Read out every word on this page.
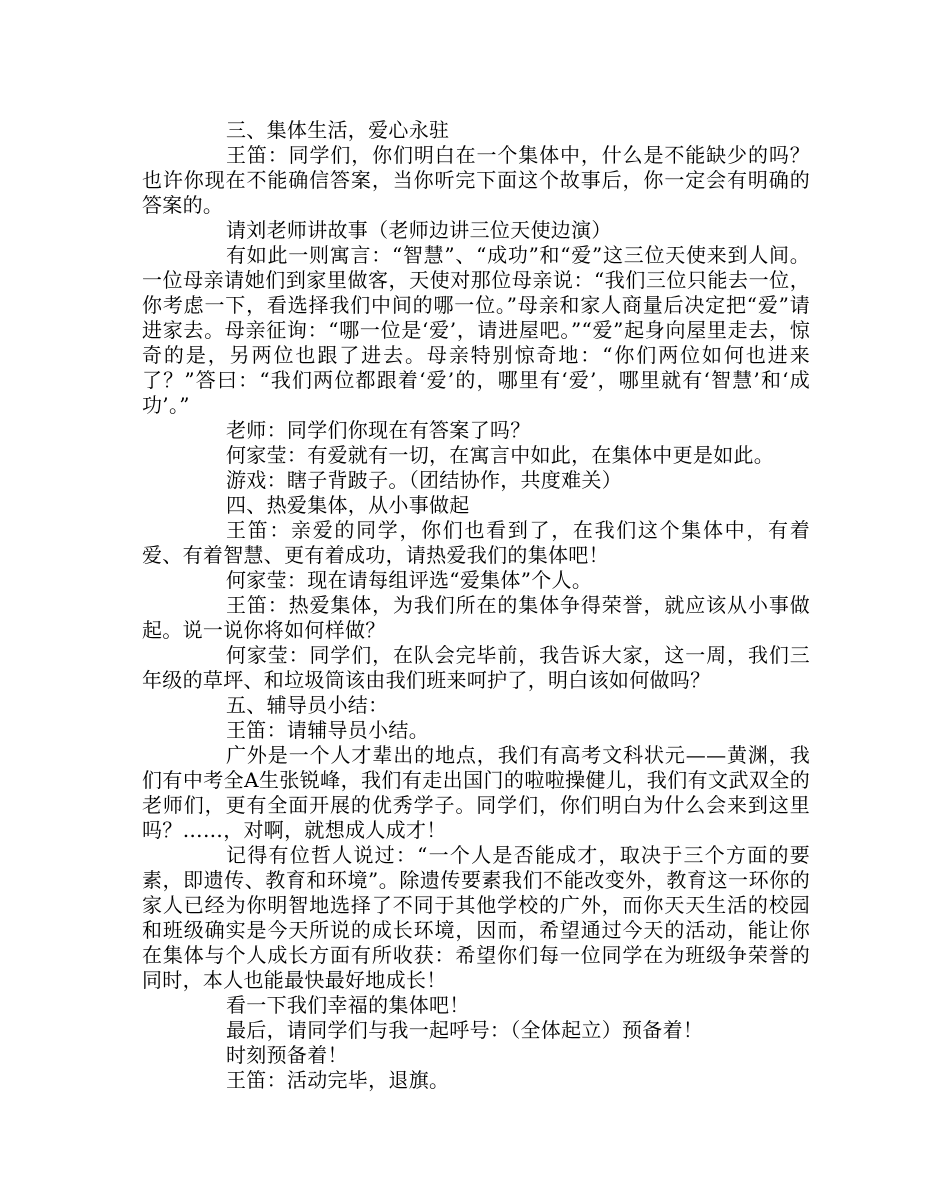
三、集体生活，爱心永驻

王笛：同学们，你们明白在一个集体中，什么是不能缺少的吗？也许你现在不能确信答案，当你听完下面这个故事后，你一定会有明确的答案的。

请刘老师讲故事（老师边讲三位天使边演）

有如此一则寓言：“智慧”、“成功”和“爱”这三位天使来到人间。一位母亲请她们到家里做客，天使对那位母亲说：“我们三位只能去一位，你考虑一下，看选择我们中间的哪一位。”母亲和家人商量后决定把“爱”请进家去。母亲征询：“哪一位是‘爱’，请进屋吧。”“爱”起身向屋里走去，惊奇的是，另两位也跟了进去。母亲特别惊奇地：“你们两位如何也进来了？”答曰：“我们两位都跟着‘爱’的，哪里有‘爱’，哪里就有‘智慧’和‘成功’。”

老师：同学们你现在有答案了吗？

何家莹：有爱就有一切，在寓言中如此，在集体中更是如此。

游戏：瞎子背跛子。（团结协作，共度难关）

四、热爱集体，从小事做起

王笛：亲爱的同学，你们也看到了，在我们这个集体中，有着爱、有着智慧、更有着成功，请热爱我们的集体吧！

何家莹：现在请每组评选“爱集体”个人。

王笛：热爱集体，为我们所在的集体争得荣誉，就应该从小事做起。说一说你将如何样做？

何家莹：同学们，在队会完毕前，我告诉大家，这一周，我们三年级的草坪、和垃圾筒该由我们班来呵护了，明白该如何做吗？

五、辅导员小结：

王笛：请辅导员小结。

广外是一个人才辈出的地点，我们有高考文科状元——黄渊，我们有中考全A生张锐峰，我们有走出国门的啦啦操健儿，我们有文武双全的老师们，更有全面开展的优秀学子。同学们，你们明白为什么会来到这里吗？……，对啊，就想成人成才！

记得有位哲人说过：“一个人是否能成才，取决于三个方面的要素，即遗传、教育和环境”。除遗传要素我们不能改变外，教育这一环你的家人已经为你明智地选择了不同于其他学校的广外，而你天天生活的校园和班级确实是今天所说的成长环境，因而，希望通过今天的活动，能让你在集体与个人成长方面有所收获：希望你们每一位同学在为班级争荣誉的同时，本人也能最快最好地成长！

看一下我们幸福的集体吧！

最后，请同学们与我一起呼号：（全体起立）预备着！

时刻预备着！

王笛：活动完毕，退旗。
